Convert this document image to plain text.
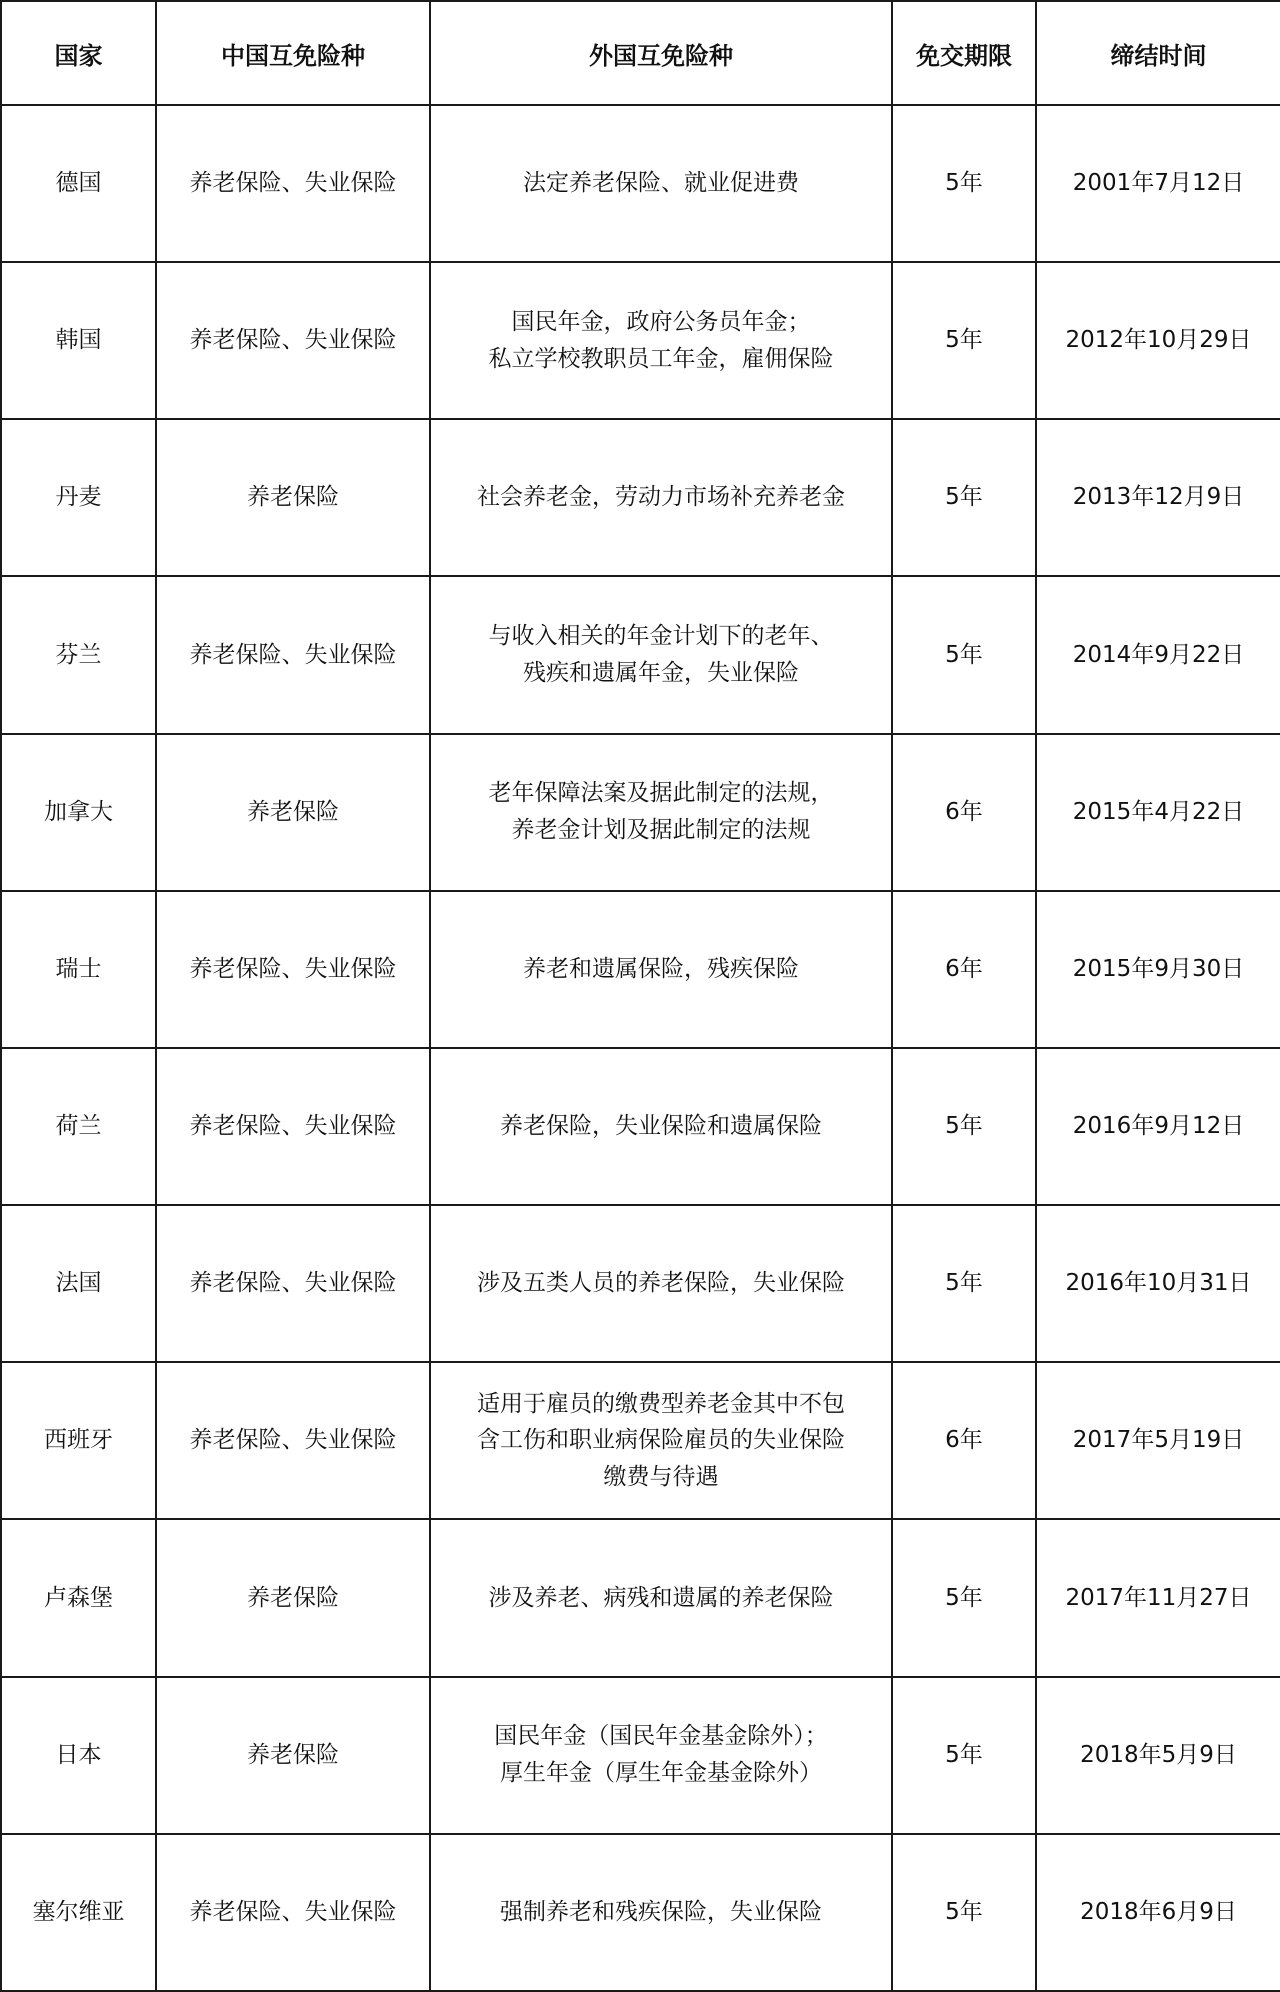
国家	中国互免险种	外国互免险种	免交期限	缔结时间
德国	养老保险、失业保险	法定养老保险、就业促进费	5年	2001年7月12日
韩国	养老保险、失业保险	国民年金，政府公务员年金；
私立学校教职员工年金，雇佣保险	5年	2012年10月29日
丹麦	养老保险	社会养老金，劳动力市场补充养老金	5年	2013年12月9日
芬兰	养老保险、失业保险	与收入相关的年金计划下的老年、
残疾和遗属年金，失业保险	5年	2014年9月22日
加拿大	养老保险	老年保障法案及据此制定的法规，
养老金计划及据此制定的法规	6年	2015年4月22日
瑞士	养老保险、失业保险	养老和遗属保险，残疾保险	6年	2015年9月30日
荷兰	养老保险、失业保险	养老保险，失业保险和遗属保险	5年	2016年9月12日
法国	养老保险、失业保险	涉及五类人员的养老保险，失业保险	5年	2016年10月31日
西班牙	养老保险、失业保险	适用于雇员的缴费型养老金其中不包
含工伤和职业病保险雇员的失业保险
缴费与待遇	6年	2017年5月19日
卢森堡	养老保险	涉及养老、病残和遗属的养老保险	5年	2017年11月27日
日本	养老保险	国民年金（国民年金基金除外）；
厚生年金（厚生年金基金除外）	5年	2018年5月9日
塞尔维亚	养老保险、失业保险	强制养老和残疾保险，失业保险	5年	2018年6月9日
